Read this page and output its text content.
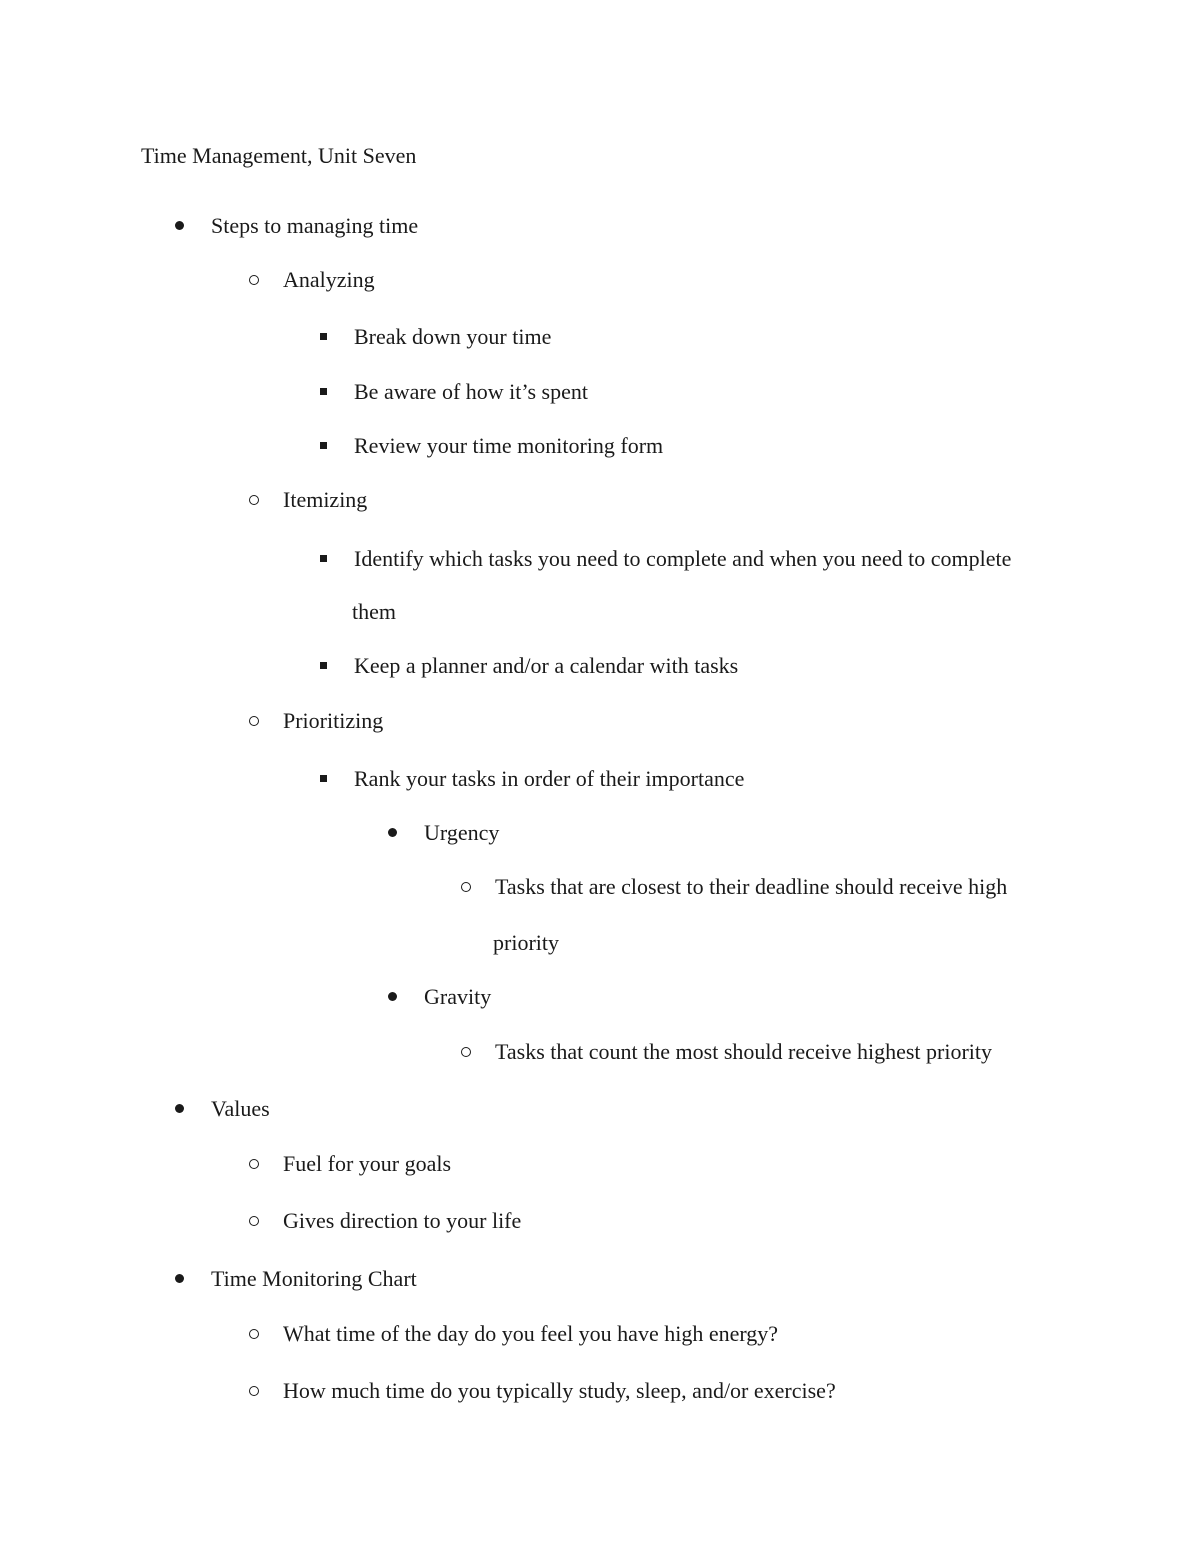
Time Management, Unit Seven
Steps to managing time
Analyzing
Break down your time
Be aware of how it’s spent
Review your time monitoring form
Itemizing
Identify which tasks you need to complete and when you need to complete
them
Keep a planner and/or a calendar with tasks
Prioritizing
Rank your tasks in order of their importance
Urgency
Tasks that are closest to their deadline should receive high
priority
Gravity
Tasks that count the most should receive highest priority
Values
Fuel for your goals
Gives direction to your life
Time Monitoring Chart
What time of the day do you feel you have high energy?
How much time do you typically study, sleep, and/or exercise?
